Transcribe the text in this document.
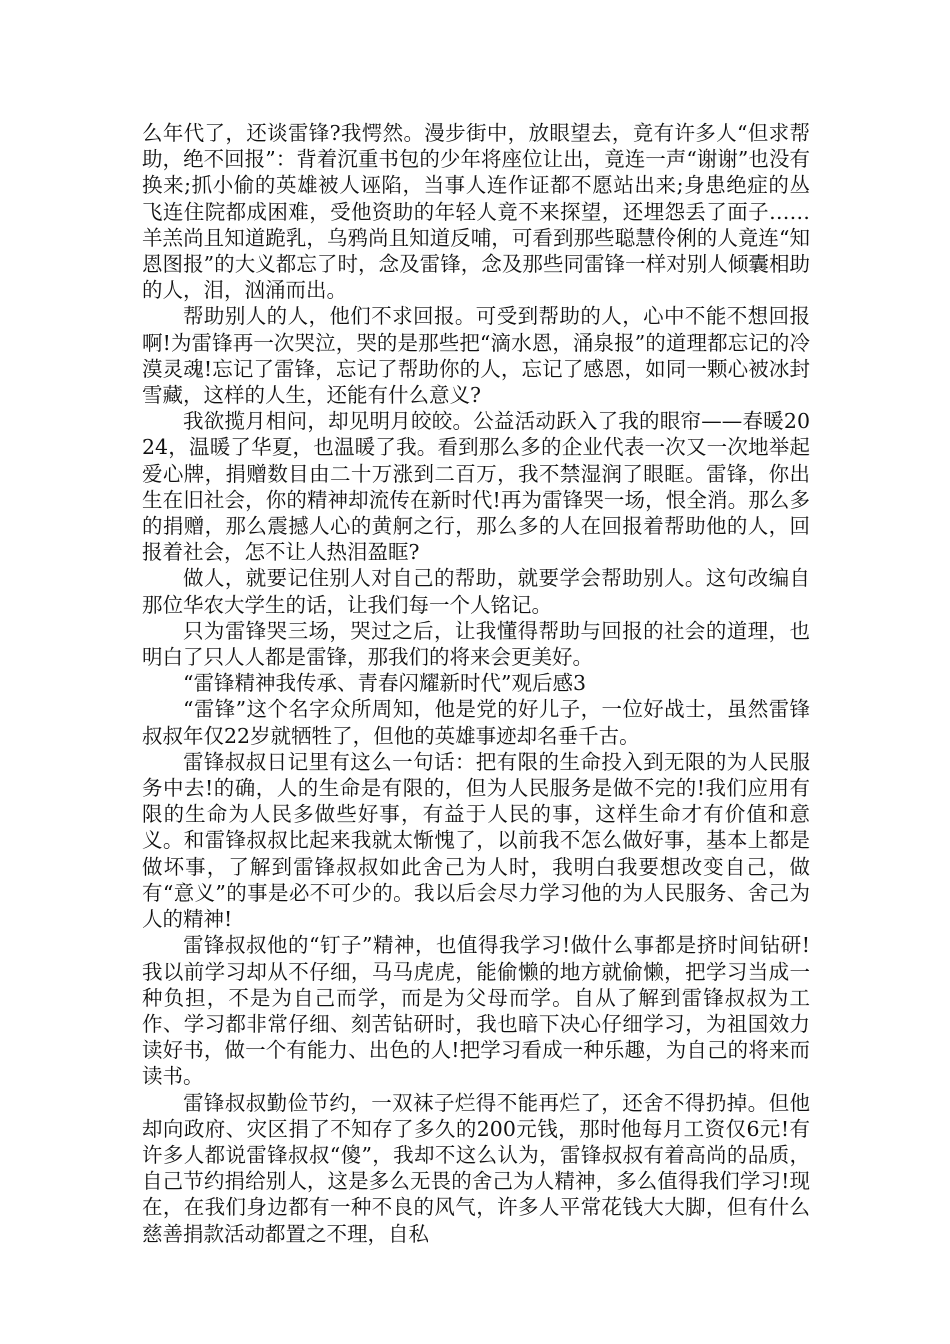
么年代了，还谈雷锋?我愕然。漫步街中，放眼望去，竟有许多人“但求帮助，绝不回报”：背着沉重书包的少年将座位让出，竟连一声“谢谢”也没有换来;抓小偷的英雄被人诬陷，当事人连作证都不愿站出来;身患绝症的丛飞连住院都成困难，受他资助的年轻人竟不来探望，还埋怨丢了面子……羊羔尚且知道跪乳，乌鸦尚且知道反哺，可看到那些聪慧伶俐的人竟连“知恩图报”的大义都忘了时，念及雷锋，念及那些同雷锋一样对别人倾囊相助的人，泪，汹涌而出。

帮助别人的人，他们不求回报。可受到帮助的人，心中不能不想回报啊!为雷锋再一次哭泣，哭的是那些把“滴水恩，涌泉报”的道理都忘记的冷漠灵魂!忘记了雷锋，忘记了帮助你的人，忘记了感恩，如同一颗心被冰封雪藏，这样的人生，还能有什么意义?

我欲揽月相问，却见明月皎皎。公益活动跃入了我的眼帘——春暖2024，温暖了华夏，也温暖了我。看到那么多的企业代表一次又一次地举起爱心牌，捐赠数目由二十万涨到二百万，我不禁湿润了眼眶。雷锋，你出生在旧社会，你的精神却流传在新时代!再为雷锋哭一场，恨全消。那么多的捐赠，那么震撼人心的黄舸之行，那么多的人在回报着帮助他的人，回报着社会，怎不让人热泪盈眶?

做人，就要记住别人对自己的帮助，就要学会帮助别人。这句改编自那位华农大学生的话，让我们每一个人铭记。

只为雷锋哭三场，哭过之后，让我懂得帮助与回报的社会的道理，也明白了只人人都是雷锋，那我们的将来会更美好。

“雷锋精神我传承、青春闪耀新时代”观后感3

“雷锋”这个名字众所周知，他是党的好儿子，一位好战士，虽然雷锋叔叔年仅22岁就牺牲了，但他的英雄事迹却名垂千古。

雷锋叔叔日记里有这么一句话：把有限的生命投入到无限的为人民服务中去!的确，人的生命是有限的，但为人民服务是做不完的!我们应用有限的生命为人民多做些好事，有益于人民的事，这样生命才有价值和意义。和雷锋叔叔比起来我就太惭愧了，以前我不怎么做好事，基本上都是做坏事，了解到雷锋叔叔如此舍己为人时，我明白我要想改变自己，做有“意义”的事是必不可少的。我以后会尽力学习他的为人民服务、舍己为人的精神!

雷锋叔叔他的“钉子”精神，也值得我学习!做什么事都是挤时间钻研!我以前学习却从不仔细，马马虎虎，能偷懒的地方就偷懒，把学习当成一种负担，不是为自己而学，而是为父母而学。自从了解到雷锋叔叔为工作、学习都非常仔细、刻苦钻研时，我也暗下决心仔细学习，为祖国效力读好书，做一个有能力、出色的人!把学习看成一种乐趣，为自己的将来而读书。

雷锋叔叔勤俭节约，一双袜子烂得不能再烂了，还舍不得扔掉。但他却向政府、灾区捐了不知存了多久的200元钱，那时他每月工资仅6元!有许多人都说雷锋叔叔“傻”，我却不这么认为，雷锋叔叔有着高尚的品质，自己节约捐给别人，这是多么无畏的舍己为人精神，多么值得我们学习!现在，在我们身边都有一种不良的风气，许多人平常花钱大大脚，但有什么慈善捐款活动都置之不理，自私
